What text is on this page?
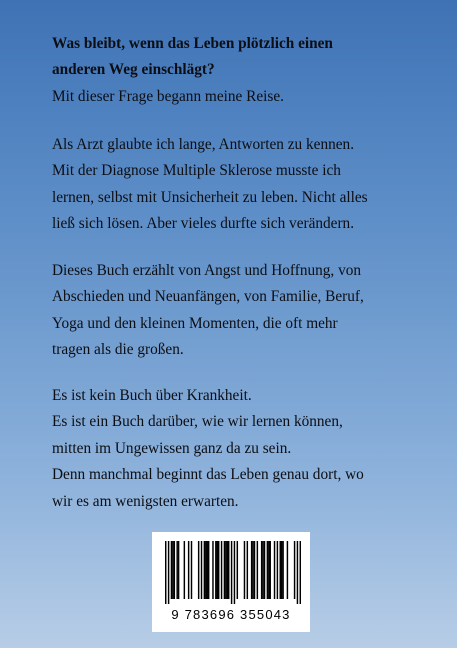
Was bleibt, wenn das Leben plötzlich einen

anderen Weg einschlägt?

Mit dieser Frage begann meine Reise.

Als Arzt glaubte ich lange, Antworten zu kennen.

Mit der Diagnose Multiple Sklerose musste ich

lernen, selbst mit Unsicherheit zu leben. Nicht alles

ließ sich lösen. Aber vieles durfte sich verändern.

Dieses Buch erzählt von Angst und Hoffnung, von

Abschieden und Neuanfängen, von Familie, Beruf,

Yoga und den kleinen Momenten, die oft mehr

tragen als die großen.

Es ist kein Buch über Krankheit.

Es ist ein Buch darüber, wie wir lernen können,

mitten im Ungewissen ganz da zu sein.

Denn manchmal beginnt das Leben genau dort, wo

wir es am wenigsten erwarten.

9 783696 355043
